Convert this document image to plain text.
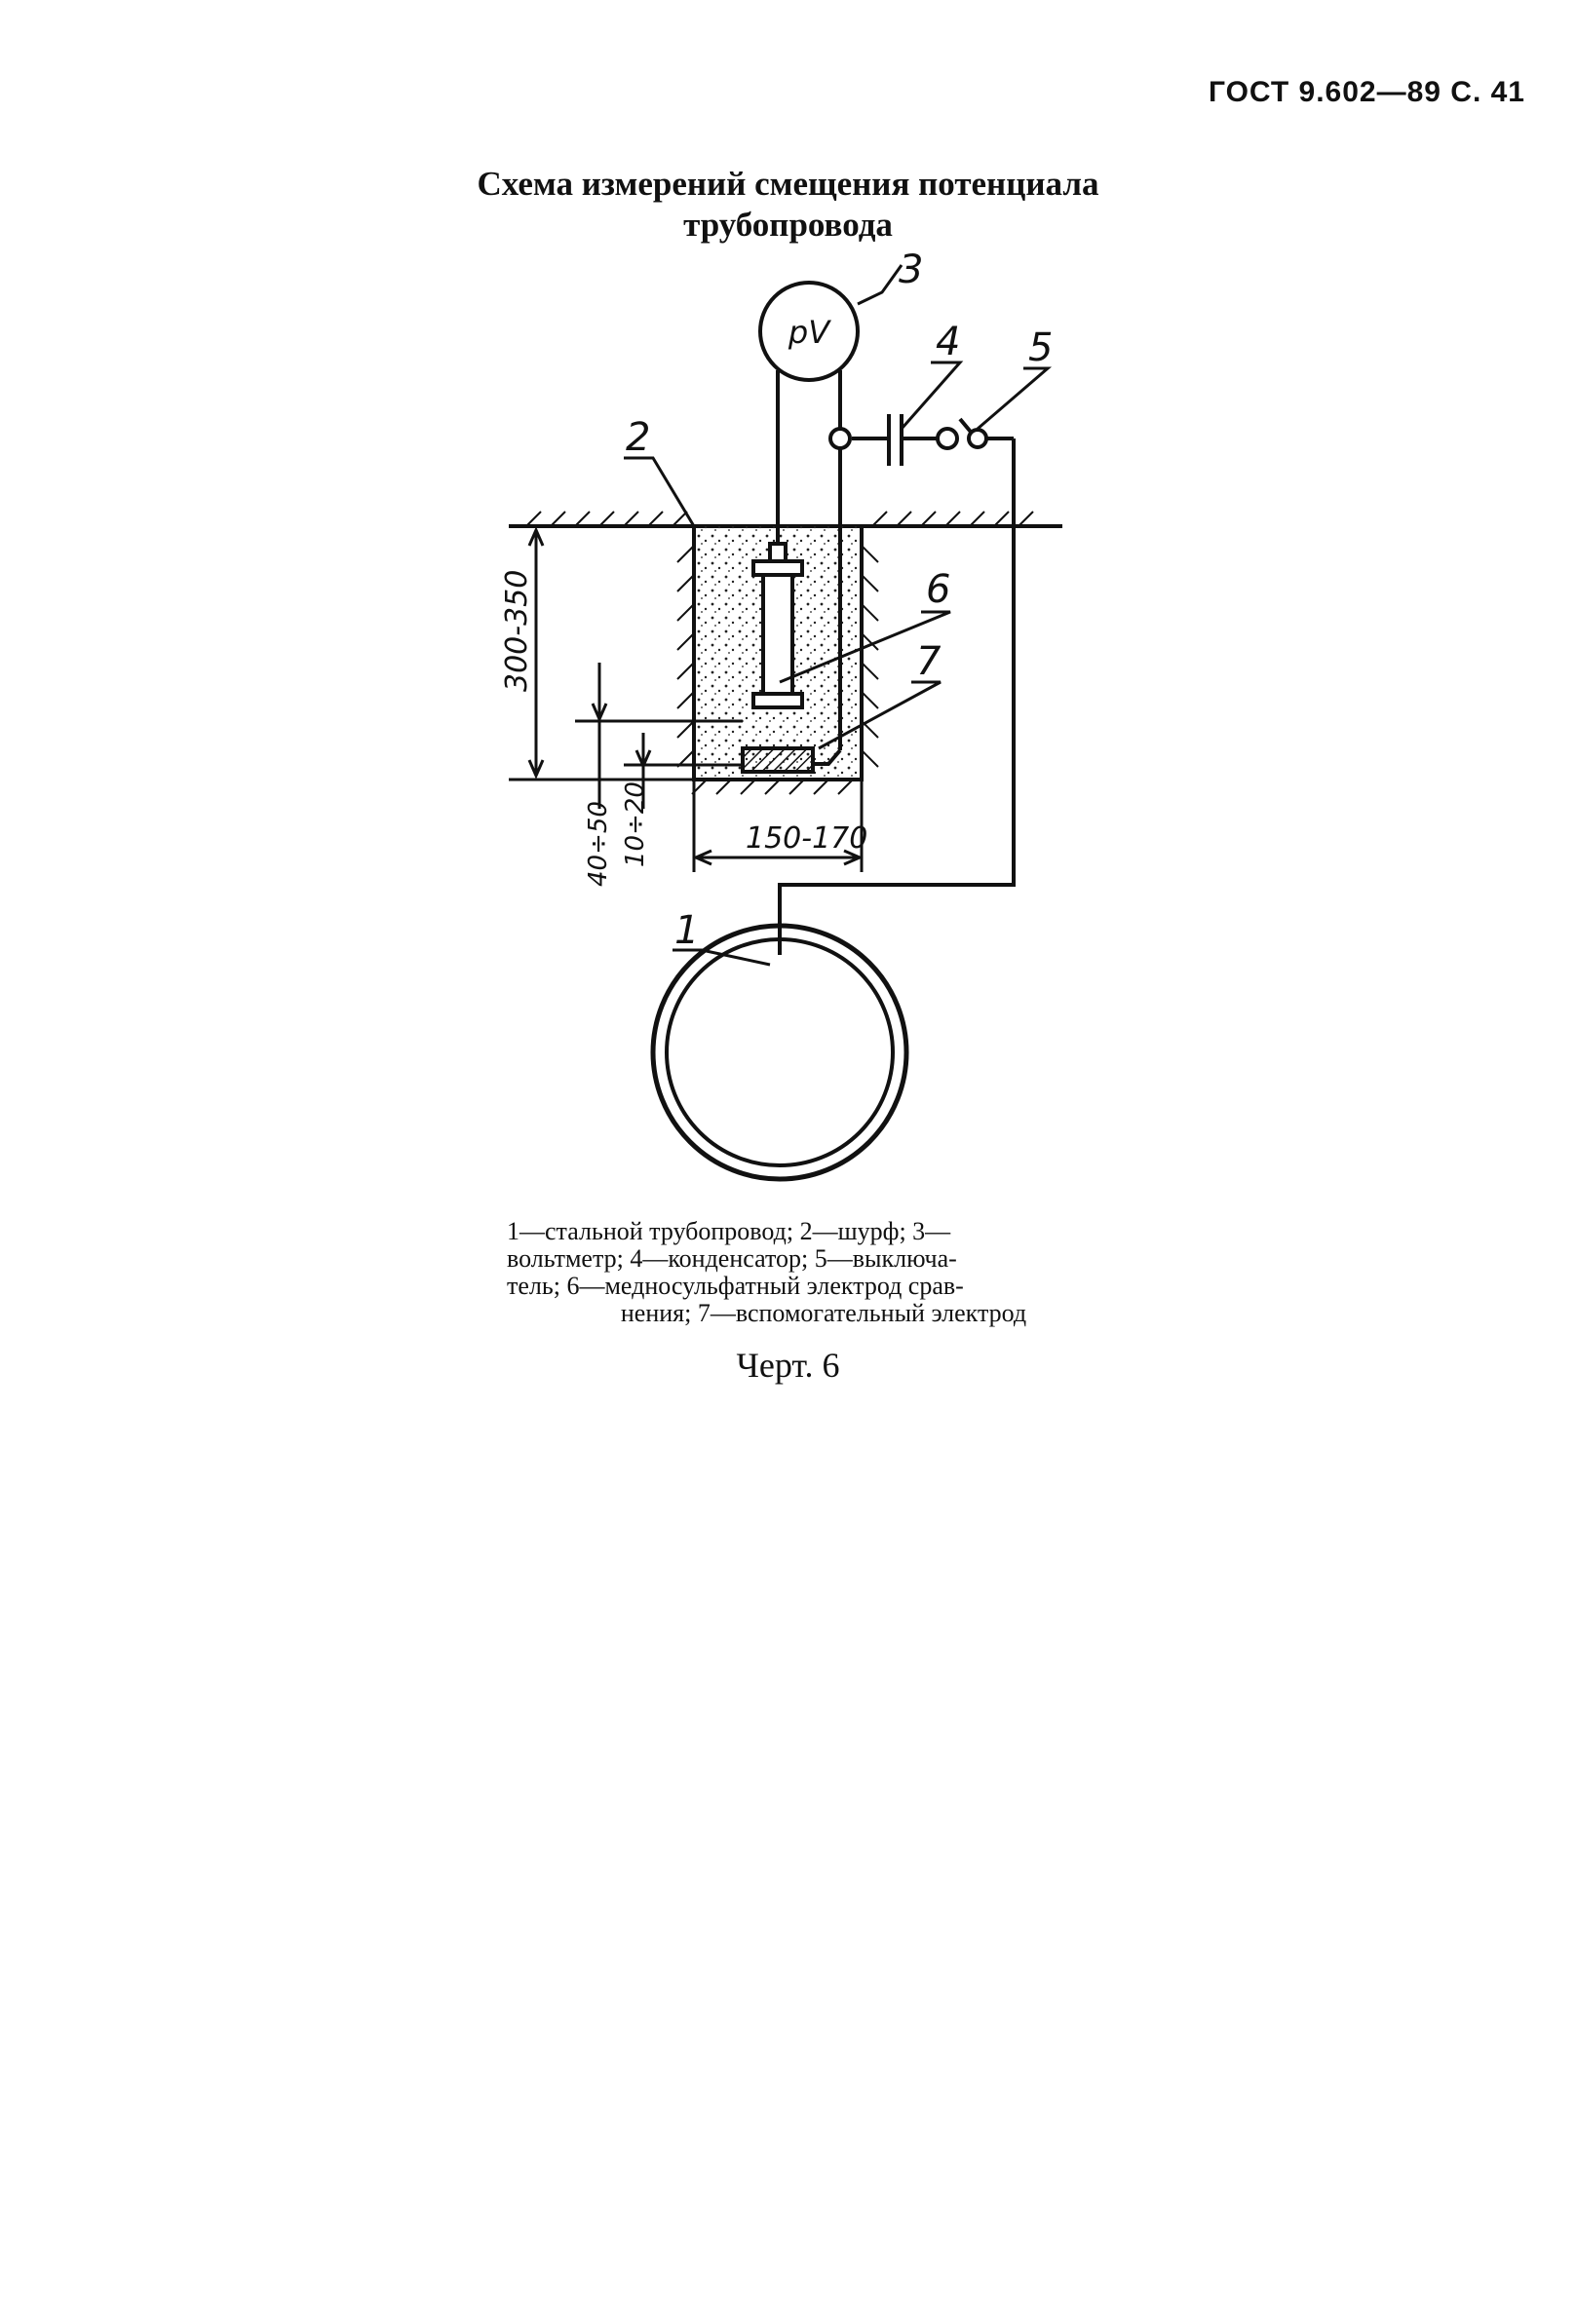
ГОСТ 9.602—89 С. 41
Схема измерений смещения потенциала
трубопровода
pV
300-350
40÷50 10÷20	150-170
1
2
3
4 5
6
7
1—стальной трубопровод; 2—шурф; 3—
вольтметр; 4—конденсатор; 5—выключа-
тель; 6—медносульфатный электрод срав-
нения; 7—вспомогательный электрод
Черт. 6
